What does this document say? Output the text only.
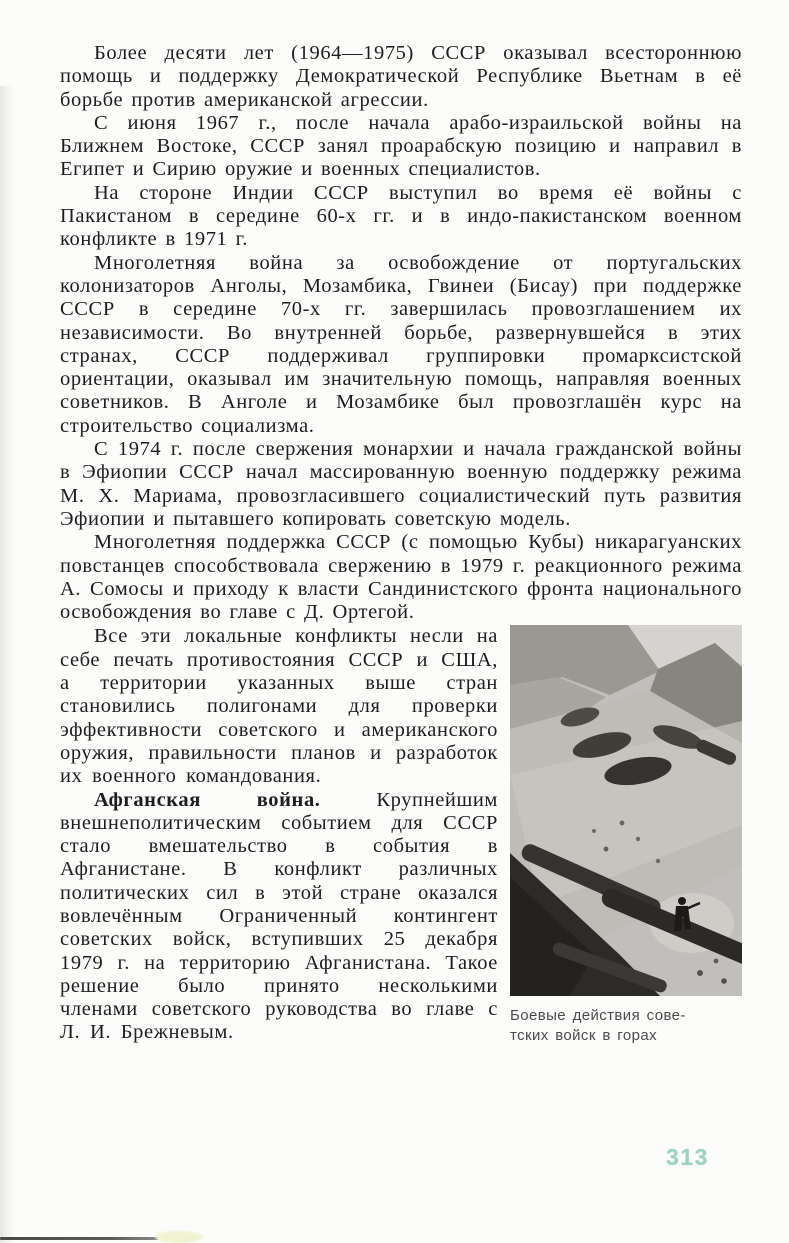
Более десяти лет (1964—1975) СССР оказывал всестороннюю помощь и поддержку Демократической Республике Вьетнам в её борьбе против американской агрессии.

С июня 1967 г., после начала арабо-израильской войны на Ближнем Востоке, СССР занял проарабскую позицию и направил в Египет и Сирию оружие и военных специалистов.

На стороне Индии СССР выступил во время её войны с Пакистаном в середине 60-х гг. и в индо-пакистанском военном конфликте в 1971 г.

Многолетняя война за освобождение от португальских колонизаторов Анголы, Мозамбика, Гвинеи (Бисау) при поддержке СССР в середине 70-х гг. завершилась провозглашением их независимости. Во внутренней борьбе, развернувшейся в этих странах, СССР поддерживал группировки промарксистской ориентации, оказывал им значительную помощь, направляя военных советников. В Анголе и Мозамбике был провозглашён курс на строительство социализма.

С 1974 г. после свержения монархии и начала гражданской войны в Эфиопии СССР начал массированную военную поддержку режима М. Х. Мариама, провозгласившего социалистический путь развития Эфиопии и пытавшего копировать советскую модель.

Многолетняя поддержка СССР (с помощью Кубы) никарагуанских повстанцев способствовала свержению в 1979 г. реакционного режима А. Сомосы и приходу к власти Сандинистского фронта национального освобождения во главе с Д. Ортегой.

Все эти локальные конфликты несли на себе печать противостояния СССР и США, а территории указанных выше стран становились полигонами для проверки эффективности советского и американского оружия, правильности планов и разработок их военного командования.

Афганская война. Крупнейшим внешнеполитическим событием для СССР стало вмешательство в события в Афганистане. В конфликт различных политических сил в этой стране оказался вовлечённым Ограниченный контингент советских войск, вступивших 25 декабря 1979 г. на территорию Афганистана. Такое решение было принято несколькими членами советского руководства во главе с Л. И. Брежневым.

Боевые действия сове-
тских войск в горах
313
